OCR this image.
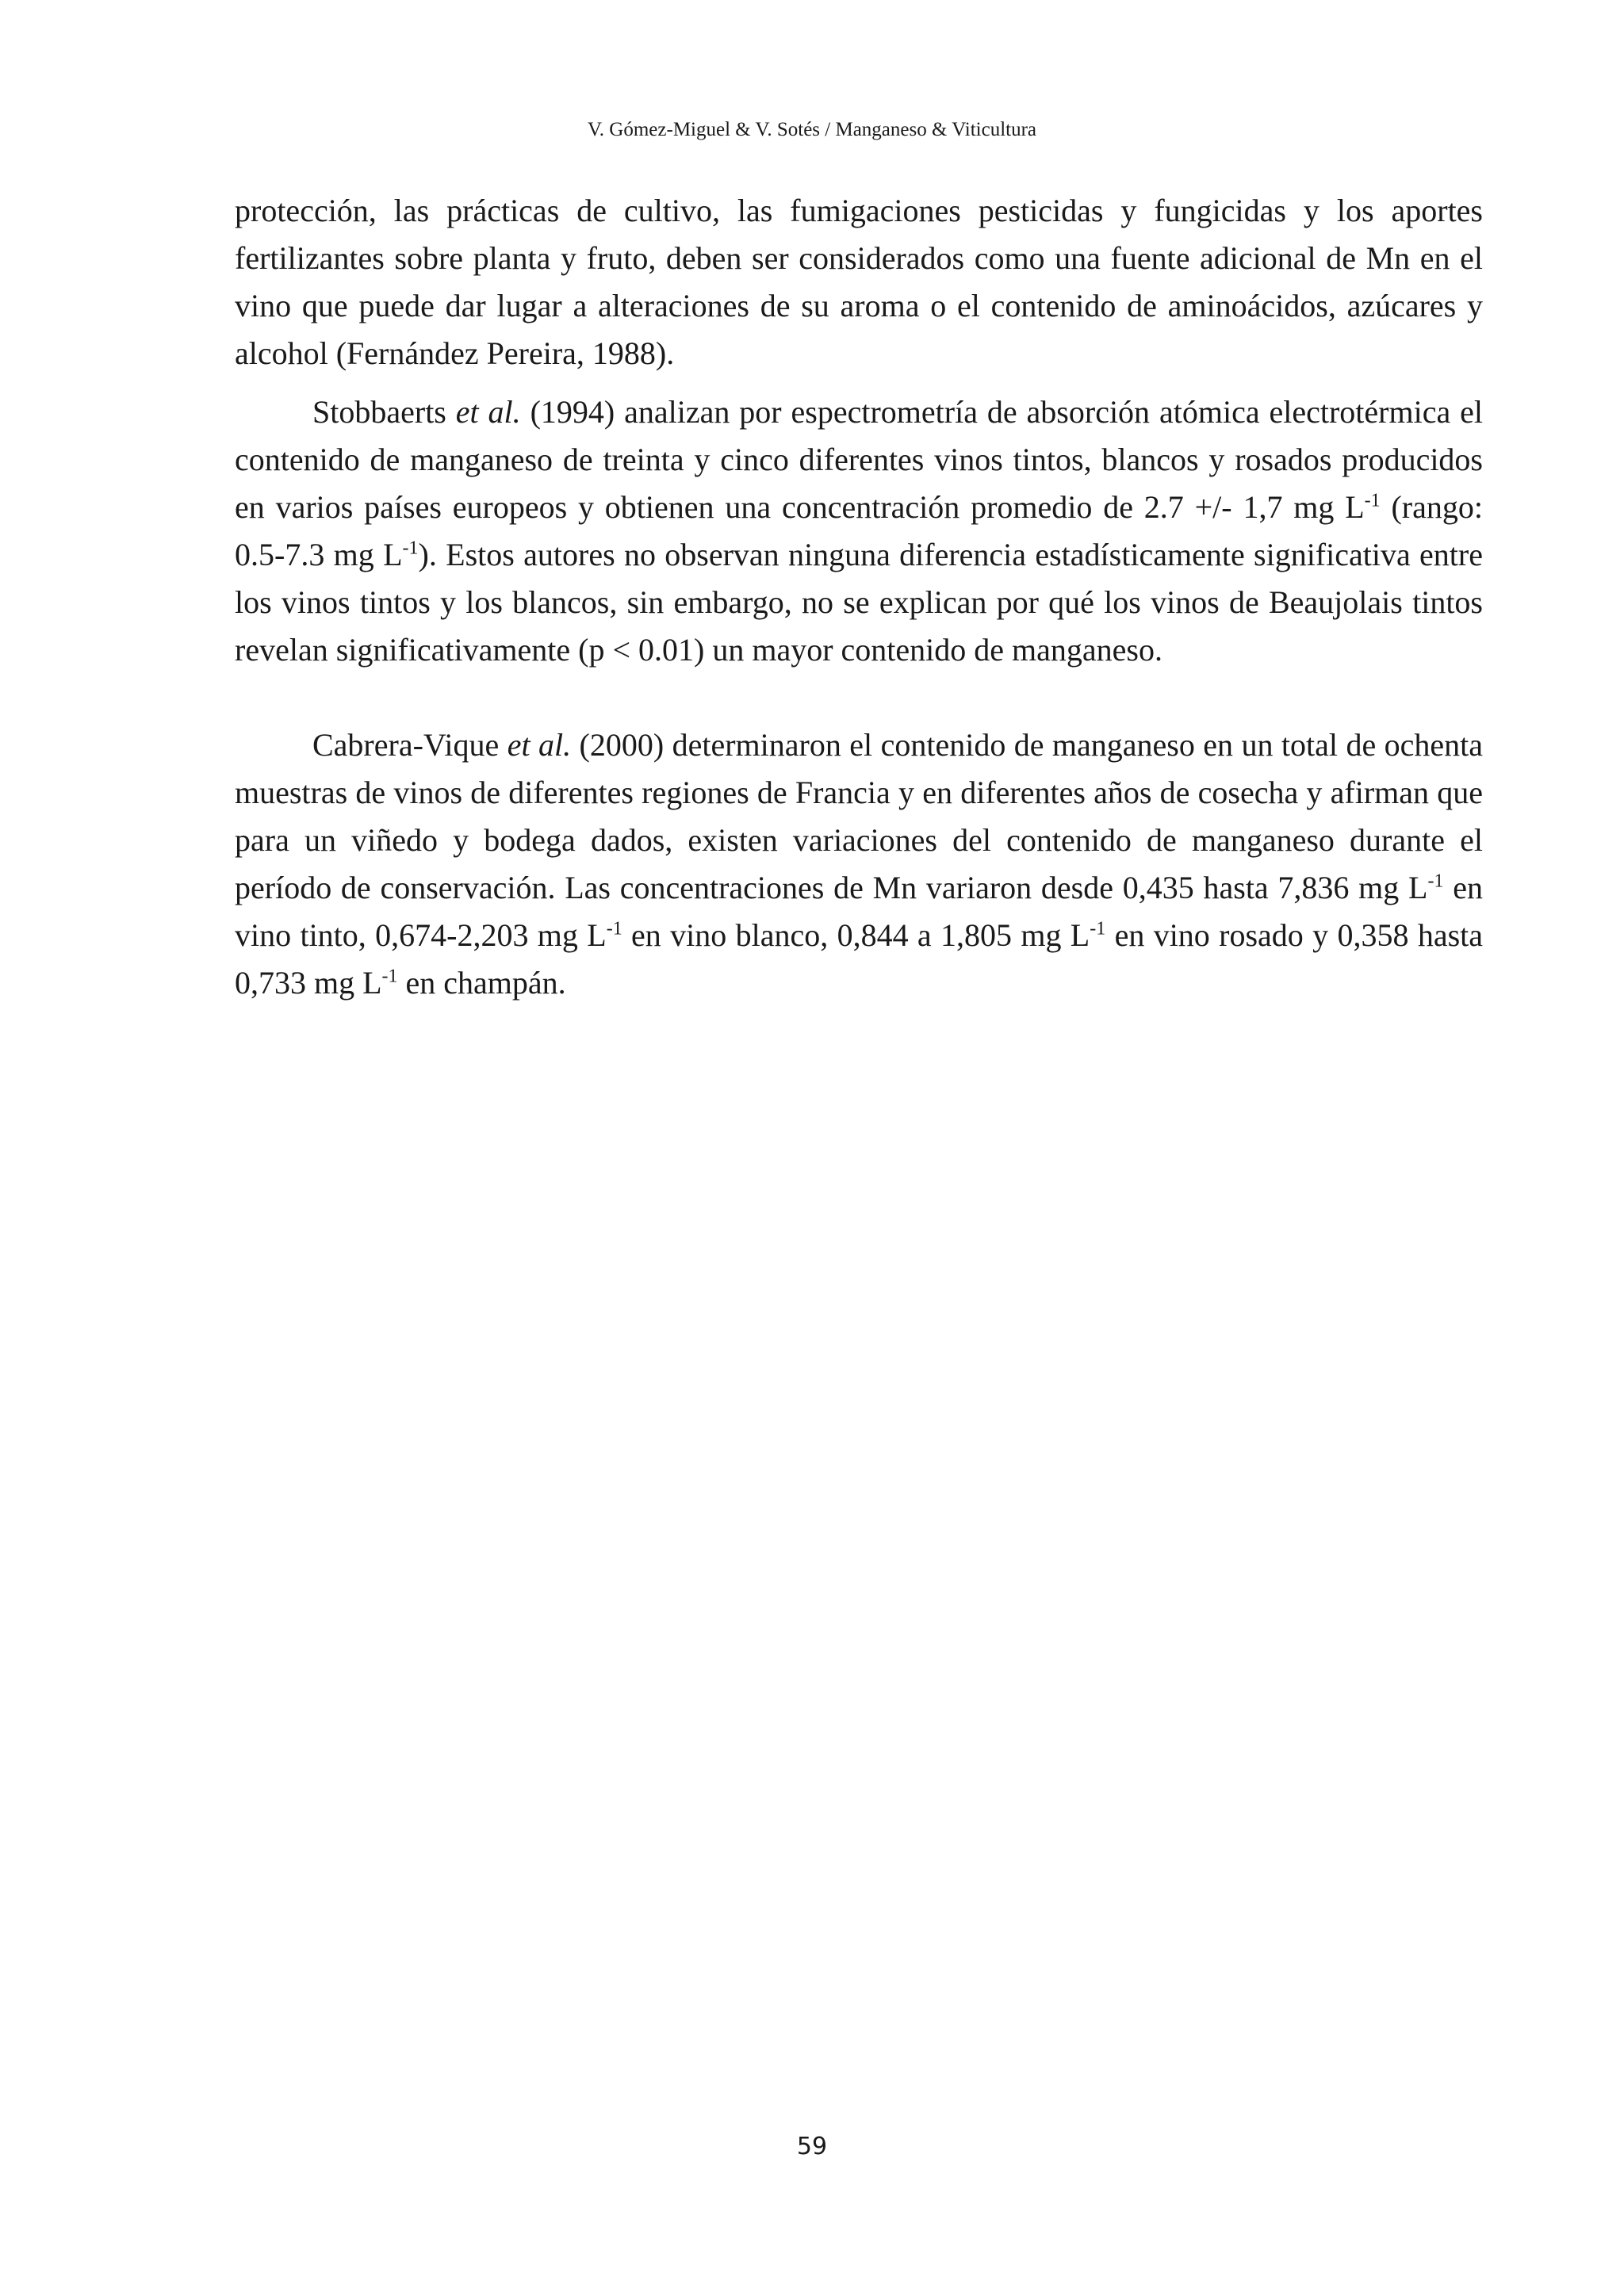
V. Gómez-Miguel & V. Sotés / Manganeso & Viticultura

protección, las prácticas de cultivo, las fumigaciones pesticidas y fungicidas y los aportes fertilizantes sobre planta y fruto, deben ser considerados como una fuente adicional de Mn en el vino que puede dar lugar a alteraciones de su aroma o el contenido de aminoácidos, azúcares y alcohol (Fernández Pereira, 1988).

Stobbaerts et al. (1994) analizan por espectrometría de absorción atómica electrotérmica el contenido de manganeso de treinta y cinco diferentes vinos tintos, blancos y rosados producidos en varios países europeos y obtienen una concentración promedio de 2.7 +/- 1,7 mg $L^{-1}$ (rango: 0.5-7.3 mg $L^{-1}$). Estos autores no observan ninguna diferencia estadísticamente significativa entre los vinos tintos y los blancos, sin embargo, no se explican por qué los vinos de Beaujolais tintos revelan significativamente (p < 0.01) un mayor contenido de manganeso.

Cabrera-Vique et al. (2000) determinaron el contenido de manganeso en un total de ochenta muestras de vinos de diferentes regiones de Francia y en diferentes años de cosecha y afirman que para un viñedo y bodega dados, existen variaciones del contenido de manganeso durante el período de conservación. Las concentraciones de Mn variaron desde 0,435 hasta 7,836 mg $L^{-1}$ en vino tinto, 0,674-2,203 mg $L^{-1}$ en vino blanco, 0,844 a 1,805 mg $L^{-1}$ en vino rosado y 0,358 hasta 0,733 mg $L^{-1}$ en champán.

59
